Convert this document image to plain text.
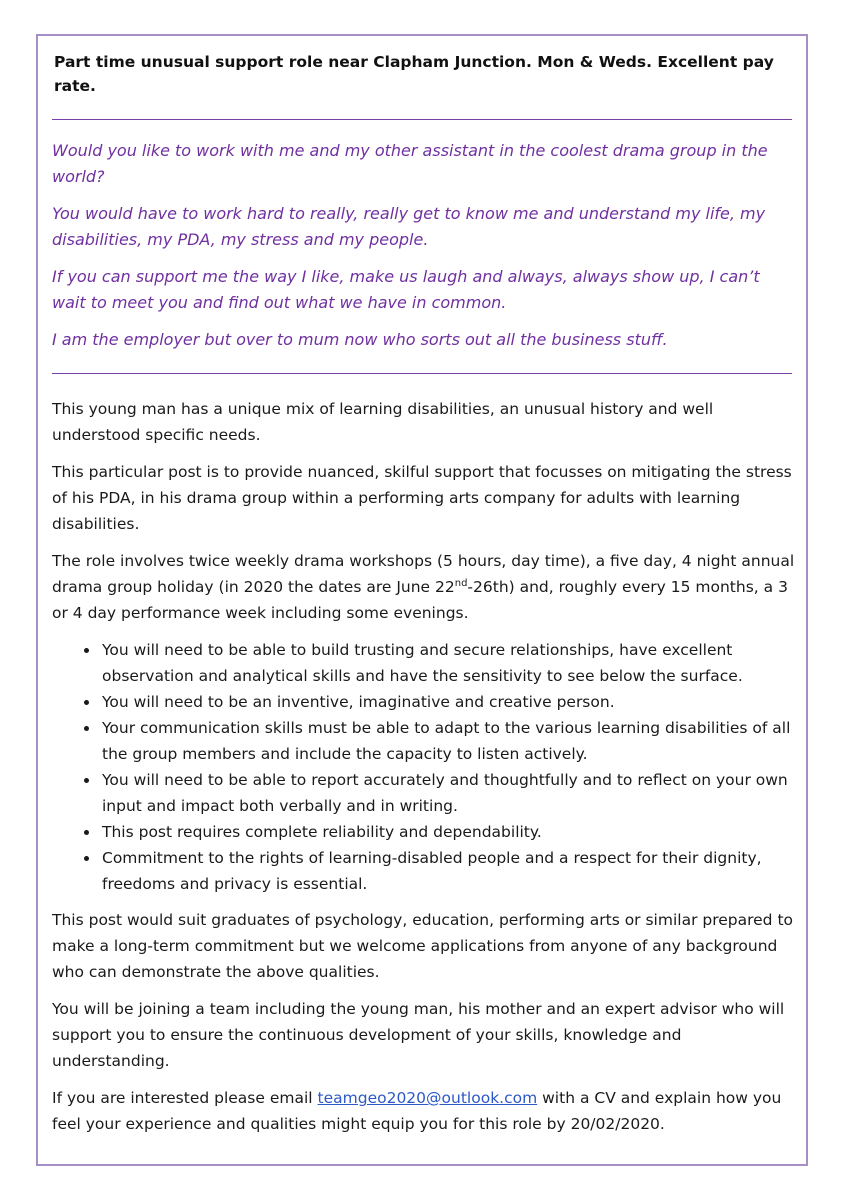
Part time unusual support role near Clapham Junction. Mon & Weds. Excellent pay rate.

Would you like to work with me and my other assistant in the coolest drama group in the world?

You would have to work hard to really, really get to know me and understand my life, my disabilities, my PDA, my stress and my people.

If you can support me the way I like, make us laugh and always, always show up, I can’t wait to meet you and find out what we have in common.

I am the employer but over to mum now who sorts out all the business stuff.

This young man has a unique mix of learning disabilities, an unusual history and well understood specific needs.

This particular post is to provide nuanced, skilful support that focusses on mitigating the stress of his PDA, in his drama group within a performing arts company for adults with learning disabilities.

The role involves twice weekly drama workshops (5 hours, day time), a five day, 4 night annual drama group holiday (in 2020 the dates are June 22nd-26th) and, roughly every 15 months, a 3 or 4 day performance week including some evenings.

• You will need to be able to build trusting and secure relationships, have excellent observation and analytical skills and have the sensitivity to see below the surface.
• You will need to be an inventive, imaginative and creative person.
• Your communication skills must be able to adapt to the various learning disabilities of all the group members and include the capacity to listen actively.
• You will need to be able to report accurately and thoughtfully and to reflect on your own input and impact both verbally and in writing.
• This post requires complete reliability and dependability.
• Commitment to the rights of learning-disabled people and a respect for their dignity, freedoms and privacy is essential.

This post would suit graduates of psychology, education, performing arts or similar prepared to make a long-term commitment but we welcome applications from anyone of any background who can demonstrate the above qualities.

You will be joining a team including the young man, his mother and an expert advisor who will support you to ensure the continuous development of your skills, knowledge and understanding.

If you are interested please email teamgeo2020@outlook.com with a CV and explain how you feel your experience and qualities might equip you for this role by 20/02/2020.
